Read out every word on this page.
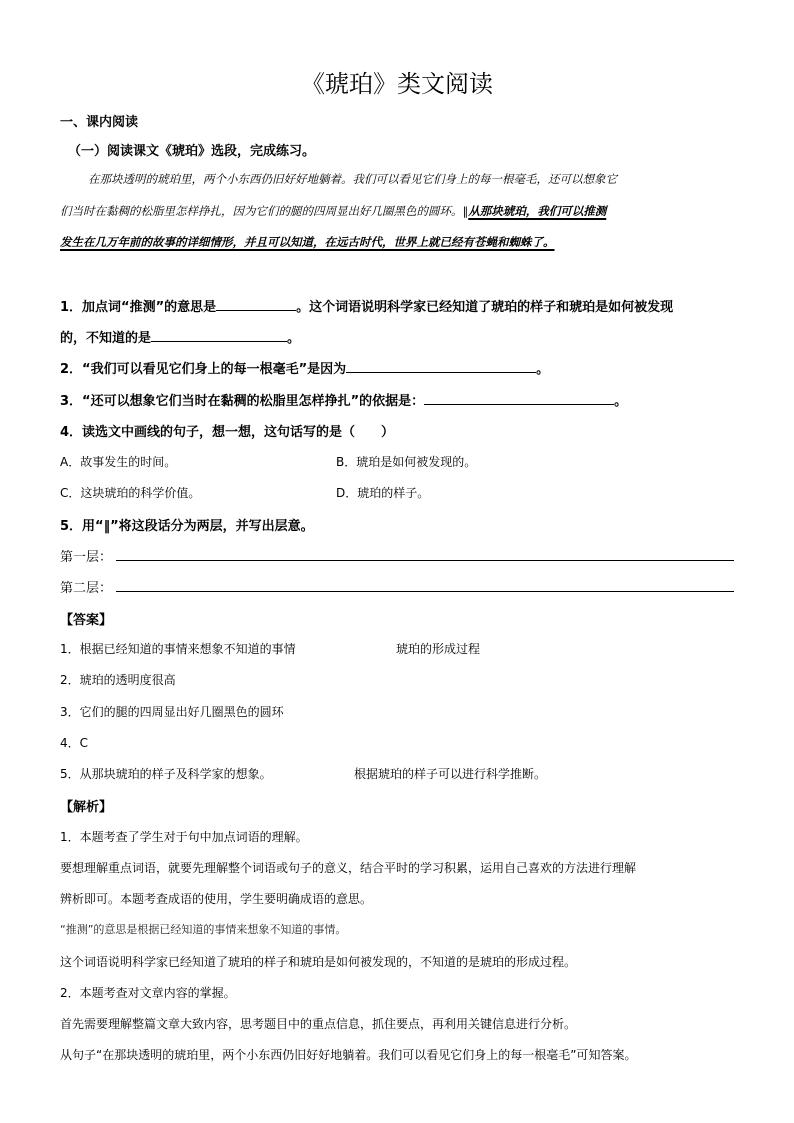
《琥珀》类文阅读
一、课内阅读
（一）阅读课文《琥珀》选段，完成练习。
在那块透明的琥珀里，两个小东西仍旧好好地躺着。我们可以看见它们身上的每一根毫毛，还可以想象它
们当时在黏稠的松脂里怎样挣扎，因为它们的腿的四周显出好几圈黑色的圆环。‖从那块琥珀，我们可以推测
发生在几万年前的故事的详细情形，并且可以知道，在远古时代，世界上就已经有苍蝇和蜘蛛了。
1．加点词“推测”的意思是	。这个词语说明科学家已经知道了琥珀的样子和琥珀是如何被发现
的，不知道的是	。
2．“我们可以看见它们身上的每一根毫毛”是因为	。
3．“还可以想象它们当时在黏稠的松脂里怎样挣扎”的依据是：	。
4．读选文中画线的句子，想一想，这句话写的是（　　）
A．故事发生的时间。	B．琥珀是如何被发现的。
C．这块琥珀的科学价值。	D．琥珀的样子。
5．用“‖”将这段话分为两层，并写出层意。
第一层：
第二层：
【答案】
1．根据已经知道的事情来想象不知道的事情	琥珀的形成过程
2．琥珀的透明度很高
3．它们的腿的四周显出好几圈黑色的圆环
4．C
5．从那块琥珀的样子及科学家的想象。	根据琥珀的样子可以进行科学推断。
【解析】
1．本题考查了学生对于句中加点词语的理解。
要想理解重点词语，就要先理解整个词语或句子的意义，结合平时的学习积累，运用自己喜欢的方法进行理解
辨析即可。本题考查成语的使用，学生要明确成语的意思。
“推测”的意思是根据已经知道的事情来想象不知道的事情。
这个词语说明科学家已经知道了琥珀的样子和琥珀是如何被发现的，不知道的是琥珀的形成过程。
2．本题考查对文章内容的掌握。
首先需要理解整篇文章大致内容，思考题目中的重点信息，抓住要点，再利用关键信息进行分析。
从句子“在那块透明的琥珀里，两个小东西仍旧好好地躺着。我们可以看见它们身上的每一根毫毛”可知答案。
